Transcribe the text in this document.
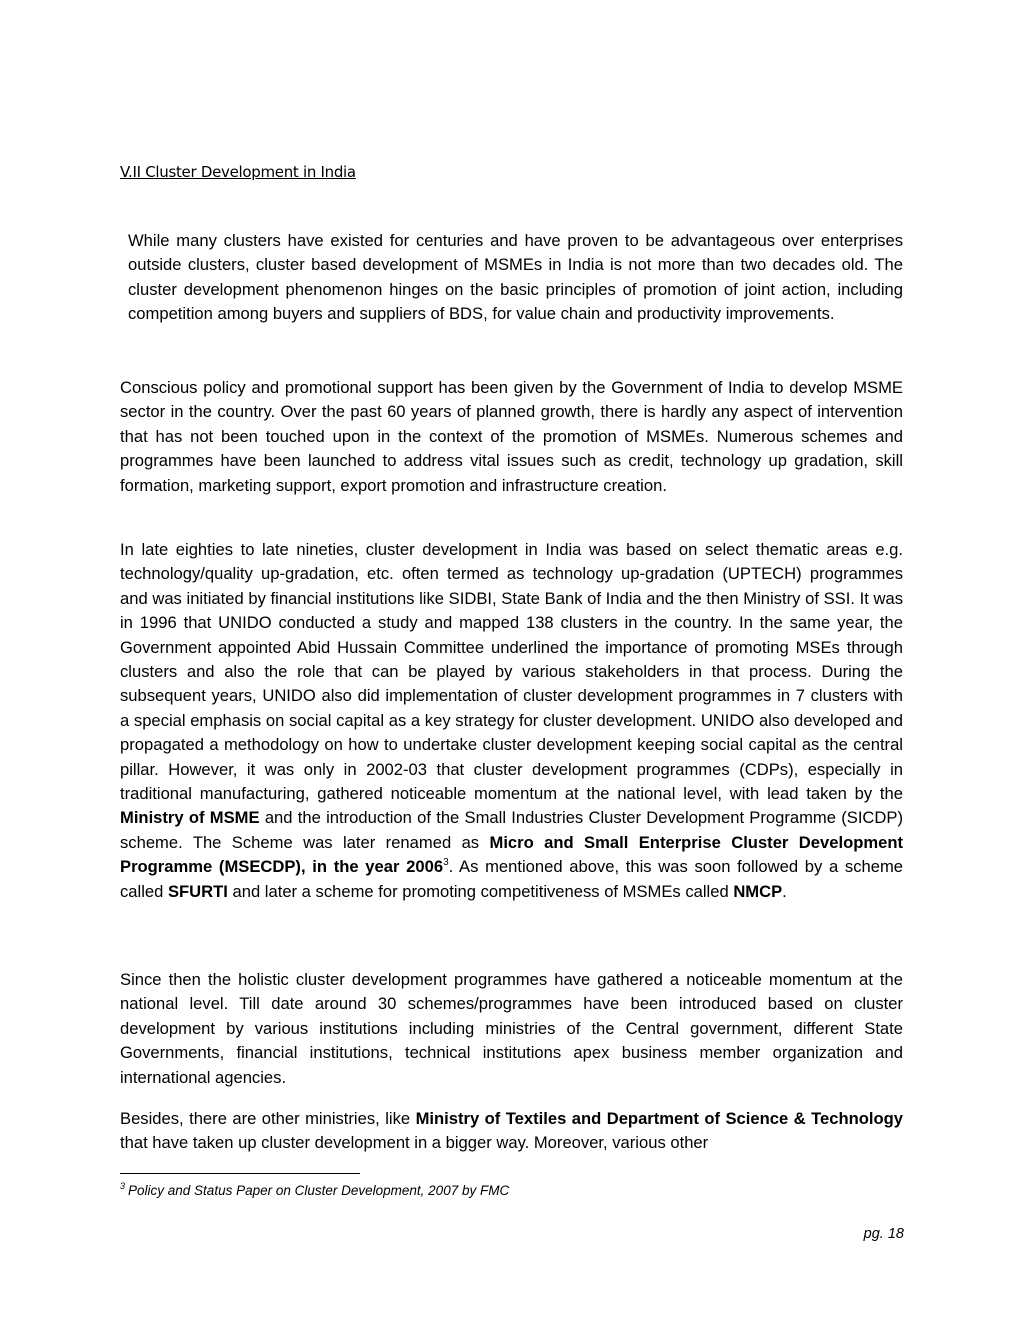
V.II Cluster Development in India

While many clusters have existed for centuries and have proven to be advantageous over enterprises outside clusters, cluster based development of MSMEs in India is not more than two decades old. The cluster development phenomenon hinges on the basic principles of promotion of joint action, including competition among buyers and suppliers of BDS, for value chain and productivity improvements.

Conscious policy and promotional support has been given by the Government of India to develop MSME sector in the country. Over the past 60 years of planned growth, there is hardly any aspect of intervention that has not been touched upon in the context of the promotion of MSMEs. Numerous schemes and programmes have been launched to address vital issues such as credit, technology up gradation, skill formation, marketing support, export promotion and infrastructure creation.

In late eighties to late nineties, cluster development in India was based on select thematic areas e.g. technology/quality up-gradation, etc. often termed as technology up-gradation (UPTECH) programmes and was initiated by financial institutions like SIDBI, State Bank of India and the then Ministry of SSI. It was in 1996 that UNIDO conducted a study and mapped 138 clusters in the country. In the same year, the Government appointed Abid Hussain Committee underlined the importance of promoting MSEs through clusters and also the role that can be played by various stakeholders in that process. During the subsequent years, UNIDO also did implementation of cluster development programmes in 7 clusters with a special emphasis on social capital as a key strategy for cluster development. UNIDO also developed and propagated a methodology on how to undertake cluster development keeping social capital as the central pillar. However, it was only in 2002-03 that cluster development programmes (CDPs), especially in traditional manufacturing, gathered noticeable momentum at the national level, with lead taken by the Ministry of MSME and the introduction of the Small Industries Cluster Development Programme (SICDP) scheme. The Scheme was later renamed as Micro and Small Enterprise Cluster Development Programme (MSECDP), in the year 2006$^3$. As mentioned above, this was soon followed by a scheme called SFURTI and later a scheme for promoting competitiveness of MSMEs called NMCP.

Since then the holistic cluster development programmes have gathered a noticeable momentum at the national level. Till date around 30 schemes/programmes have been introduced based on cluster development by various institutions including ministries of the Central government, different State Governments, financial institutions, technical institutions apex business member organization and international agencies.

Besides, there are other ministries, like Ministry of Textiles and Department of Science & Technology that have taken up cluster development in a bigger way. Moreover, various other

$^3$ Policy and Status Paper on Cluster Development, 2007 by FMC

pg. 18
